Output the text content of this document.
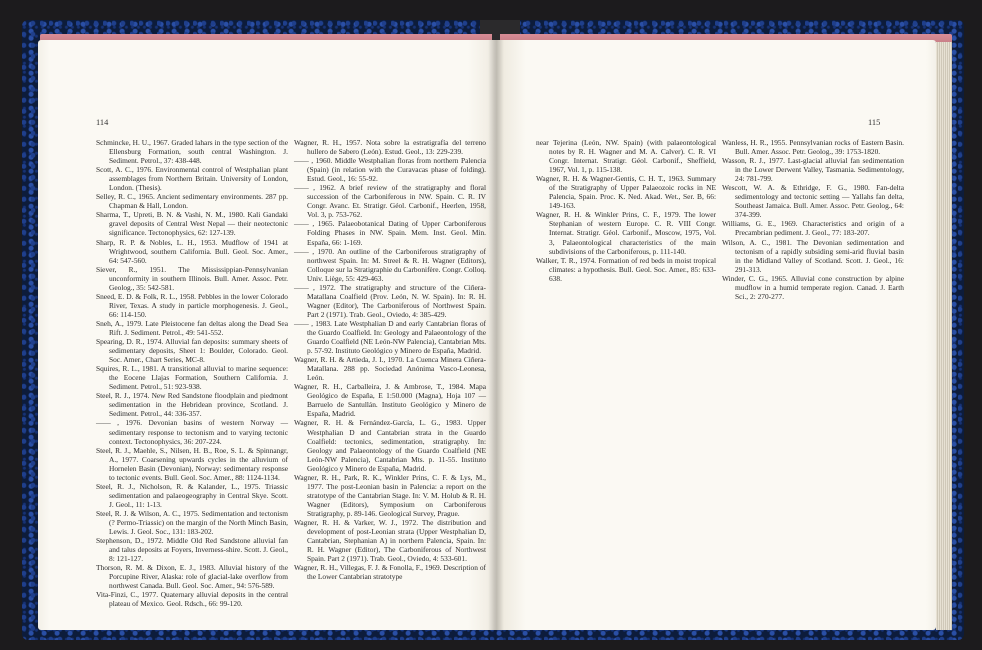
114

Schminckе, H. U., 1967. Graded lahars in the type section of the Ellensburg Formation, south central Washington. J. Sediment. Petrol., 37: 438-448.

Scott, A. C., 1976. Environmental control of Westphalian plant assemblages from Northern Britain. University of London, London. (Thesis).

Selley, R. C., 1965. Ancient sedimentary environments. 287 pp. Chapman & Hall, London.

Sharma, T., Upreti, B. N. & Vashi, N. M., 1980. Kali Gandaki gravel deposits of Central West Nepal — their neotectonic significance. Tectonophysics, 62: 127-139.

Sharp, R. P. & Nobles, L. H., 1953. Mudflow of 1941 at Wrightwood, southern California. Bull. Geol. Soc. Amer., 64: 547-560.

Siever, R., 1951. The Mississippian-Pennsylvanian unconformity in southern Illinois. Bull. Amer. Assoc. Petr. Geolog., 35: 542-581.

Sneed, E. D. & Folk, R. L., 1958. Pebbles in the lower Colorado River, Texas. A study in particle morphogenesis. J. Geol., 66: 114-150.

Sneh, A., 1979. Late Pleistocene fan deltas along the Dead Sea Rift. J. Sediment. Petrol., 49: 541-552.

Spearing, D. R., 1974. Alluvial fan deposits: summary sheets of sedimentary deposits, Sheet 1: Boulder, Colorado. Geol. Soc. Amer., Chart Series, MC-8.

Squires, R. L., 1981. A transitional alluvial to marine sequence: the Eocene Llajas Formation, Southern California. J. Sediment. Petrol., 51: 923-938.

Steel, R. J., 1974. New Red Sandstone floodplain and piedmont sedimentation in the Hebridean province, Scotland. J. Sediment. Petrol., 44: 336-357.

—— , 1976. Devonian basins of western Norway — sedimentary response to tectonism and to varying tectonic context. Tectonophysics, 36: 207-224.

Steel, R. J., Maehle, S., Nilsen, H. B., Roe, S. L. & Spinnangr, A., 1977. Coarsening upwards cycles in the alluvium of Hornelen Basin (Devonian), Norway: sedimentary response to tectonic events. Bull. Geol. Soc. Amer., 88: 1124-1134.

Steel, R. J., Nicholson, R. & Kalander, L., 1975. Triassic sedimentation and palaeogeography in Central Skye. Scott. J. Geol., 11: 1-13.

Steel, R. J. & Wilson, A. C., 1975. Sedimentation and tectonism (? Permo-Triassic) on the margin of the North Minch Basin, Lewis. J. Geol. Soc., 131: 183-202.

Stephenson, D., 1972. Middle Old Red Sandstone alluvial fan and talus deposits at Foyers, Inverness-shire. Scott. J. Geol., 8: 121-127.

Thorson, R. M. & Dixon, E. J., 1983. Alluvial history of the Porcupine River, Alaska: role of glacial-lake overflow from northwest Canada. Bull. Geol. Soc. Amer., 94: 576-589.

Vita-Finzi, C., 1977. Quaternary alluvial deposits in the central plateau of Mexico. Geol. Rdsch., 66: 99-120.

Wagner, R. H., 1957. Nota sobre la estratigrafía del terreno hullero de Sabero (León). Estud. Geol., 13: 229-239.

—— , 1960. Middle Westphalian floras from northern Palencia (Spain) (in relation with the Curavacas phase of folding). Estud. Geol., 16: 55-92.

—— , 1962. A brief review of the stratigraphy and floral succession of the Carboniferous in NW. Spain. C. R. IV Congr. Avanc. Et. Stratigr. Géol. Carbonif., Heerlen, 1958, Vol. 3, p. 753-762.

—— , 1965. Palaeobotanical Dating of Upper Carboniferous Folding Phases in NW. Spain. Mem. Inst. Geol. Min. España, 66: 1-169.

—— , 1970. An outline of the Carboniferous stratigraphy of northwest Spain. In: M. Streel & R. H. Wagner (Editors), Colloque sur la Stratigraphie du Carbonifère. Congr. Colloq. Univ. Liège, 55: 429-463.

—— , 1972. The stratigraphy and structure of the Ciñera-Matallana Coalfield (Prov. León, N. W. Spain). In: R. H. Wagner (Editor), The Carboniferous of Northwest Spain. Part 2 (1971). Trab. Geol., Oviedo, 4: 385-429.

—— , 1983. Late Westphalian D and early Cantabrian floras of the Guardo Coalfield. In: Geology and Palaeontology of the Guardo Coalfield (NE León-NW Palencia), Cantabrian Mts. p. 57-92. Instituto Geológico y Minero de España, Madrid.

Wagner, R. H. & Artieda, J. I., 1970. La Cuenca Minera Ciñera-Matallana. 288 pp. Sociedad Anónima Vasco-Leonesa, León.

Wagner, R. H., Carballeira, J. & Ambrose, T., 1984. Mapa Geológico de España, E 1:50.000 (Magna), Hoja 107 — Barruelo de Santullán. Instituto Geológico y Minero de España, Madrid.

Wagner, R. H. & Fernández-García, L. G., 1983. Upper Westphalian D and Cantabrian strata in the Guardo Coalfield: tectonics, sedimentation, stratigraphy. In: Geology and Palaeontology of the Guardo Coalfield (NE León-NW Palencia), Cantabrian Mts. p. 11-55. Instituto Geológico y Minero de España, Madrid.

Wagner, R. H., Park, R. K., Winkler Prins, C. F. & Lys, M., 1977. The post-Leonian basin in Palencia: a report on the stratotype of the Cantabrian Stage. In: V. M. Holub & R. H. Wagner (Editors), Symposium on Carboniferous Stratigraphy, p. 89-146. Geological Survey, Prague.

Wagner, R. H. & Varker, W. J., 1972. The distribution and development of post-Leonian strata (Upper Westphalian D, Cantabrian, Stephanian A) in northern Palencia, Spain. In: R. H. Wagner (Editor), The Carboniferous of Northwest Spain. Part 2 (1971). Trab. Geol., Oviedo, 4: 533-601.

Wagner, R. H., Villegas, F. J. & Fonolla, F., 1969. Description of the Lower Cantabrian stratotype

115

near Tejerina (León, NW. Spain) (with palaeontological notes by R. H. Wagner and M. A. Calver). C. R. VI Congr. Internat. Stratigr. Géol. Carbonif., Sheffield, 1967, Vol. 1, p. 115-138.

Wagner, R. H. & Wagner-Gentis, C. H. T., 1963. Summary of the Stratigraphy of Upper Palaeozoic rocks in NE Palencia, Spain. Proc. K. Ned. Akad. Wet., Ser. B, 66: 149-163.

Wagner, R. H. & Winkler Prins, C. F., 1979. The lower Stephanian of western Europe. C. R. VIII Congr. Internat. Stratigr. Géol. Carbonif., Moscow, 1975, Vol. 3, Palaeontological characteristics of the main subdivisions of the Carboniferous, p. 111-140.

Walker, T. R., 1974. Formation of red beds in moist tropical climates: a hypothesis. Bull. Geol. Soc. Amer., 85: 633-638.

Wanless, H. R., 1955. Pennsylvanian rocks of Eastern Basin. Bull. Amer. Assoc. Petr. Geolog., 39: 1753-1820.

Wasson, R. J., 1977. Last-glacial alluvial fan sedimentation in the Lower Derwent Valley, Tasmania. Sedimentology, 24: 781-799.

Wescott, W. A. & Ethridge, F. G., 1980. Fan-delta sedimentology and tectonic setting — Yallahs fan delta, Southeast Jamaica. Bull. Amer. Assoc. Petr. Geolog., 64: 374-399.

Williams, G. E., 1969. Characteristics and origin of a Precambrian pediment. J. Geol., 77: 183-207.

Wilson, A. C., 1981. The Devonian sedimentation and tectonism of a rapidly subsiding semi-arid fluvial basin in the Midland Valley of Scotland. Scott. J. Geol., 16: 291-313.

Winder, C. G., 1965. Alluvial cone construction by alpine mudflow in a humid temperate region. Canad. J. Earth Sci., 2: 270-277.
